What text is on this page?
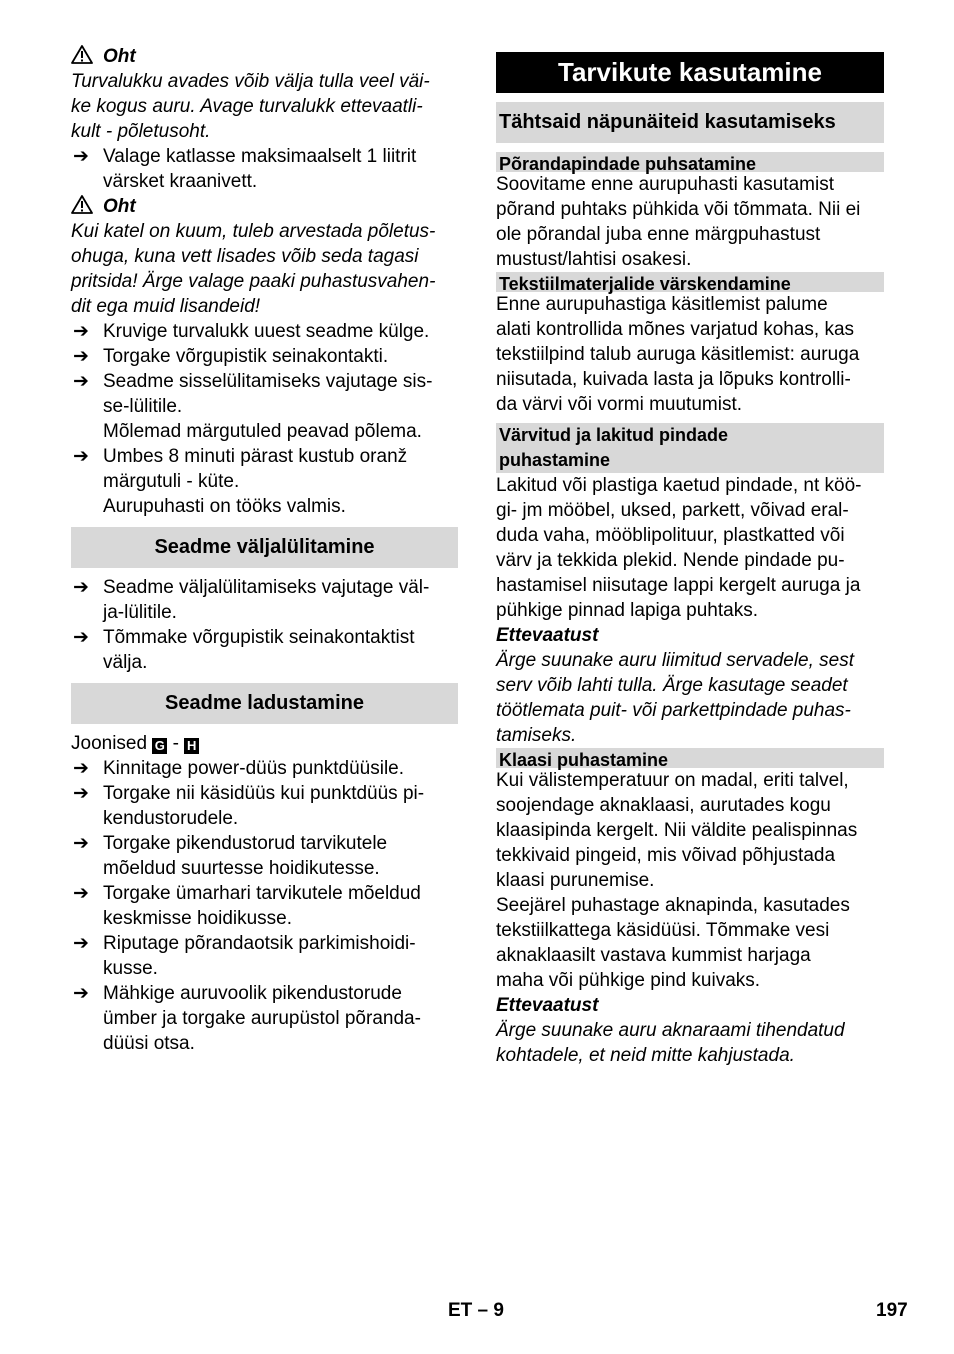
Oht
Turvalukku avades võib välja tulla veel väi-
ke kogus auru. Avage turvalukk ettevaatli-
kult - põletusoht.
➔ Valage katlasse maksimaalselt 1 liitrit
värsket kraanivett.
Oht
Kui katel on kuum, tuleb arvestada põletus-
ohuga, kuna vett lisades võib seda tagasi
pritsida! Ärge valage paaki puhastusvahen-
dit ega muid lisandeid!
➔ Kruvige turvalukk uuest seadme külge.
➔ Torgake võrgupistik seinakontakti.
➔ Seadme sisselülitamiseks vajutage sis-
se-lülitile.
Mõlemad märgutuled peavad põlema.
➔ Umbes 8 minuti pärast kustub oranž
märgutuli - küte.
Aurupuhasti on tööks valmis.
Seadme väljalülitamine
➔ Seadme väljalülitamiseks vajutage väl-
ja-lülitile.
➔ Tõmmake võrgupistik seinakontaktist
välja.
Seadme ladustamine
Joonised G - H
➔ Kinnitage power-düüs punktdüüsile.
➔ Torgake nii käsidüüs kui punktdüüs pi-
kendustorudele.
➔ Torgake pikendustorud tarvikutele
mõeldud suurtesse hoidikutesse.
➔ Torgake ümarhari tarvikutele mõeldud
keskmisse hoidikusse.
➔ Riputage põrandaotsik parkimishoidi-
kusse.
➔ Mähkige auruvoolik pikendustorude
ümber ja torgake aurupüstol põranda-
düüsi otsa.
Tarvikute kasutamine
Tähtsaid näpunäiteid kasutamiseks
Põrandapindade puhsatamine
Soovitame enne aurupuhasti kasutamist
põrand puhtaks pühkida või tõmmata. Nii ei
ole põrandal juba enne märgpuhastust
mustust/lahtisi osakesi.
Tekstiilmaterjalide värskendamine
Enne aurupuhastiga käsitlemist palume
alati kontrollida mõnes varjatud kohas, kas
tekstiilpind talub auruga käsitlemist: auruga
niisutada, kuivada lasta ja lõpuks kontrolli-
da värvi või vormi muutumist.
Värvitud ja lakitud pindade
puhastamine
Lakitud või plastiga kaetud pindade, nt köö-
gi- jm mööbel, uksed, parkett, võivad eral-
duda vaha, mööblipolituur, plastkatted või
värv ja tekkida plekid. Nende pindade pu-
hastamisel niisutage lappi kergelt auruga ja
pühkige pinnad lapiga puhtaks.
Ettevaatust
Ärge suunake auru liimitud servadele, sest
serv võib lahti tulla. Ärge kasutage seadet
töötlemata puit- või parkettpindade puhas-
tamiseks.
Klaasi puhastamine
Kui välistemperatuur on madal, eriti talvel,
soojendage aknaklaasi, aurutades kogu
klaasipinda kergelt. Nii väldite pealispinnas
tekkivaid pingeid, mis võivad põhjustada
klaasi purunemise.
Seejärel puhastage aknapinda, kasutades
tekstiilkattega käsidüüsi. Tõmmake vesi
aknaklaasilt vastava kummist harjaga
maha või pühkige pind kuivaks.
Ettevaatust
Ärge suunake auru aknaraami tihendatud
kohtadele, et neid mitte kahjustada.
ET – 9	197
